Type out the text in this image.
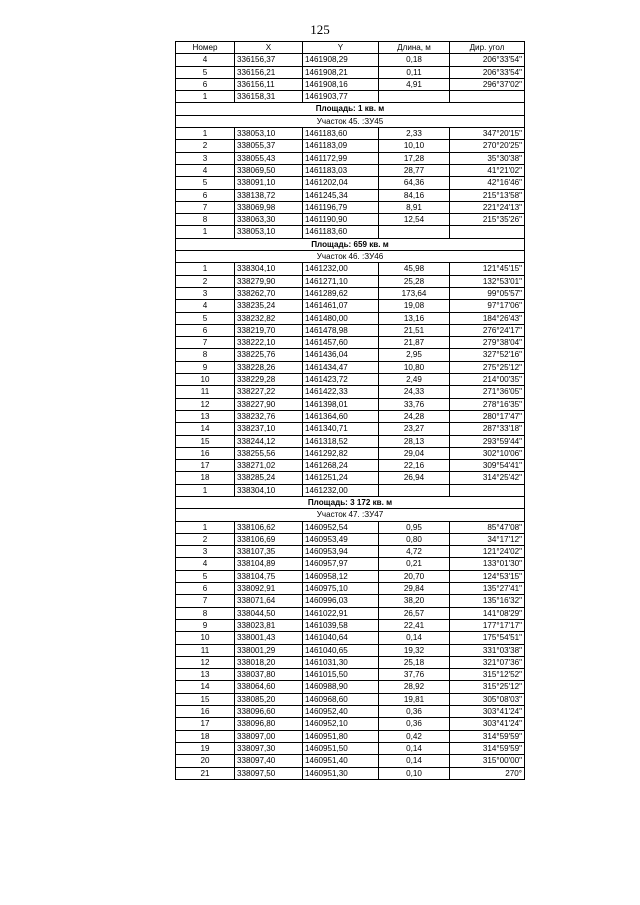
125
Номер	X	Y	Длина, м	Дир. угол
4	336156,37	1461908,29	0,18	206°33'54"
5	336156,21	1461908,21	0,11	206°33'54"
6	336156,11	1461908,16	4,91	296°37'02"
1	336158,31	1461903,77		
Площадь: 1 кв. м				
Участок 45. :ЗУ45				
1	338053,10	1461183,60	2,33	347°20'15"
2	338055,37	1461183,09	10,10	270°20'25"
3	338055,43	1461172,99	17,28	35°30'38"
4	338069,50	1461183,03	28,77	41°21'02"
5	338091,10	1461202,04	64,36	42°16'46"
6	338138,72	1461245,34	84,16	215°13'58"
7	338069,98	1461196,79	8,91	221°24'13"
8	338063,30	1461190,90	12,54	215°35'26"
1	338053,10	1461183,60		
Площадь: 659 кв. м				
Участок 46. :ЗУ46				
1	338304,10	1461232,00	45,98	121°45'15"
2	338279,90	1461271,10	25,28	132°53'01"
3	338262,70	1461289,62	173,64	99°05'57"
4	338235,24	1461461,07	19,08	97°17'06"
5	338232,82	1461480,00	13,16	184°26'43"
6	338219,70	1461478,98	21,51	276°24'17"
7	338222,10	1461457,60	21,87	279°38'04"
8	338225,76	1461436,04	2,95	327°52'16"
9	338228,26	1461434,47	10,80	275°25'12"
10	338229,28	1461423,72	2,49	214°00'35"
11	338227,22	1461422,33	24,33	271°36'05"
12	338227,90	1461398,01	33,76	278°16'35"
13	338232,76	1461364,60	24,28	280°17'47"
14	338237,10	1461340,71	23,27	287°33'18"
15	338244,12	1461318,52	28,13	293°59'44"
16	338255,56	1461292,82	29,04	302°10'06"
17	338271,02	1461268,24	22,16	309°54'41"
18	338285,24	1461251,24	26,94	314°25'42"
1	338304,10	1461232,00		
Площадь: 3 172 кв. м				
Участок 47. :ЗУ47				
1	338106,62	1460952,54	0,95	85°47'08"
2	338106,69	1460953,49	0,80	34°17'12"
3	338107,35	1460953,94	4,72	121°24'02"
4	338104,89	1460957,97	0,21	133°01'30"
5	338104,75	1460958,12	20,70	124°53'15"
6	338092,91	1460975,10	29,84	135°27'41"
7	338071,64	1460996,03	38,20	135°16'32"
8	338044,50	1461022,91	26,57	141°08'29"
9	338023,81	1461039,58	22,41	177°17'17"
10	338001,43	1461040,64	0,14	175°54'51"
11	338001,29	1461040,65	19,32	331°03'38"
12	338018,20	1461031,30	25,18	321°07'36"
13	338037,80	1461015,50	37,76	315°12'52"
14	338064,60	1460988,90	28,92	315°25'12"
15	338085,20	1460968,60	19,81	305°08'03"
16	338096,60	1460952,40	0,36	303°41'24"
17	338096,80	1460952,10	0,36	303°41'24"
18	338097,00	1460951,80	0,42	314°59'59"
19	338097,30	1460951,50	0,14	314°59'59"
20	338097,40	1460951,40	0,14	315°00'00"
21	338097,50	1460951,30	0,10	270°
